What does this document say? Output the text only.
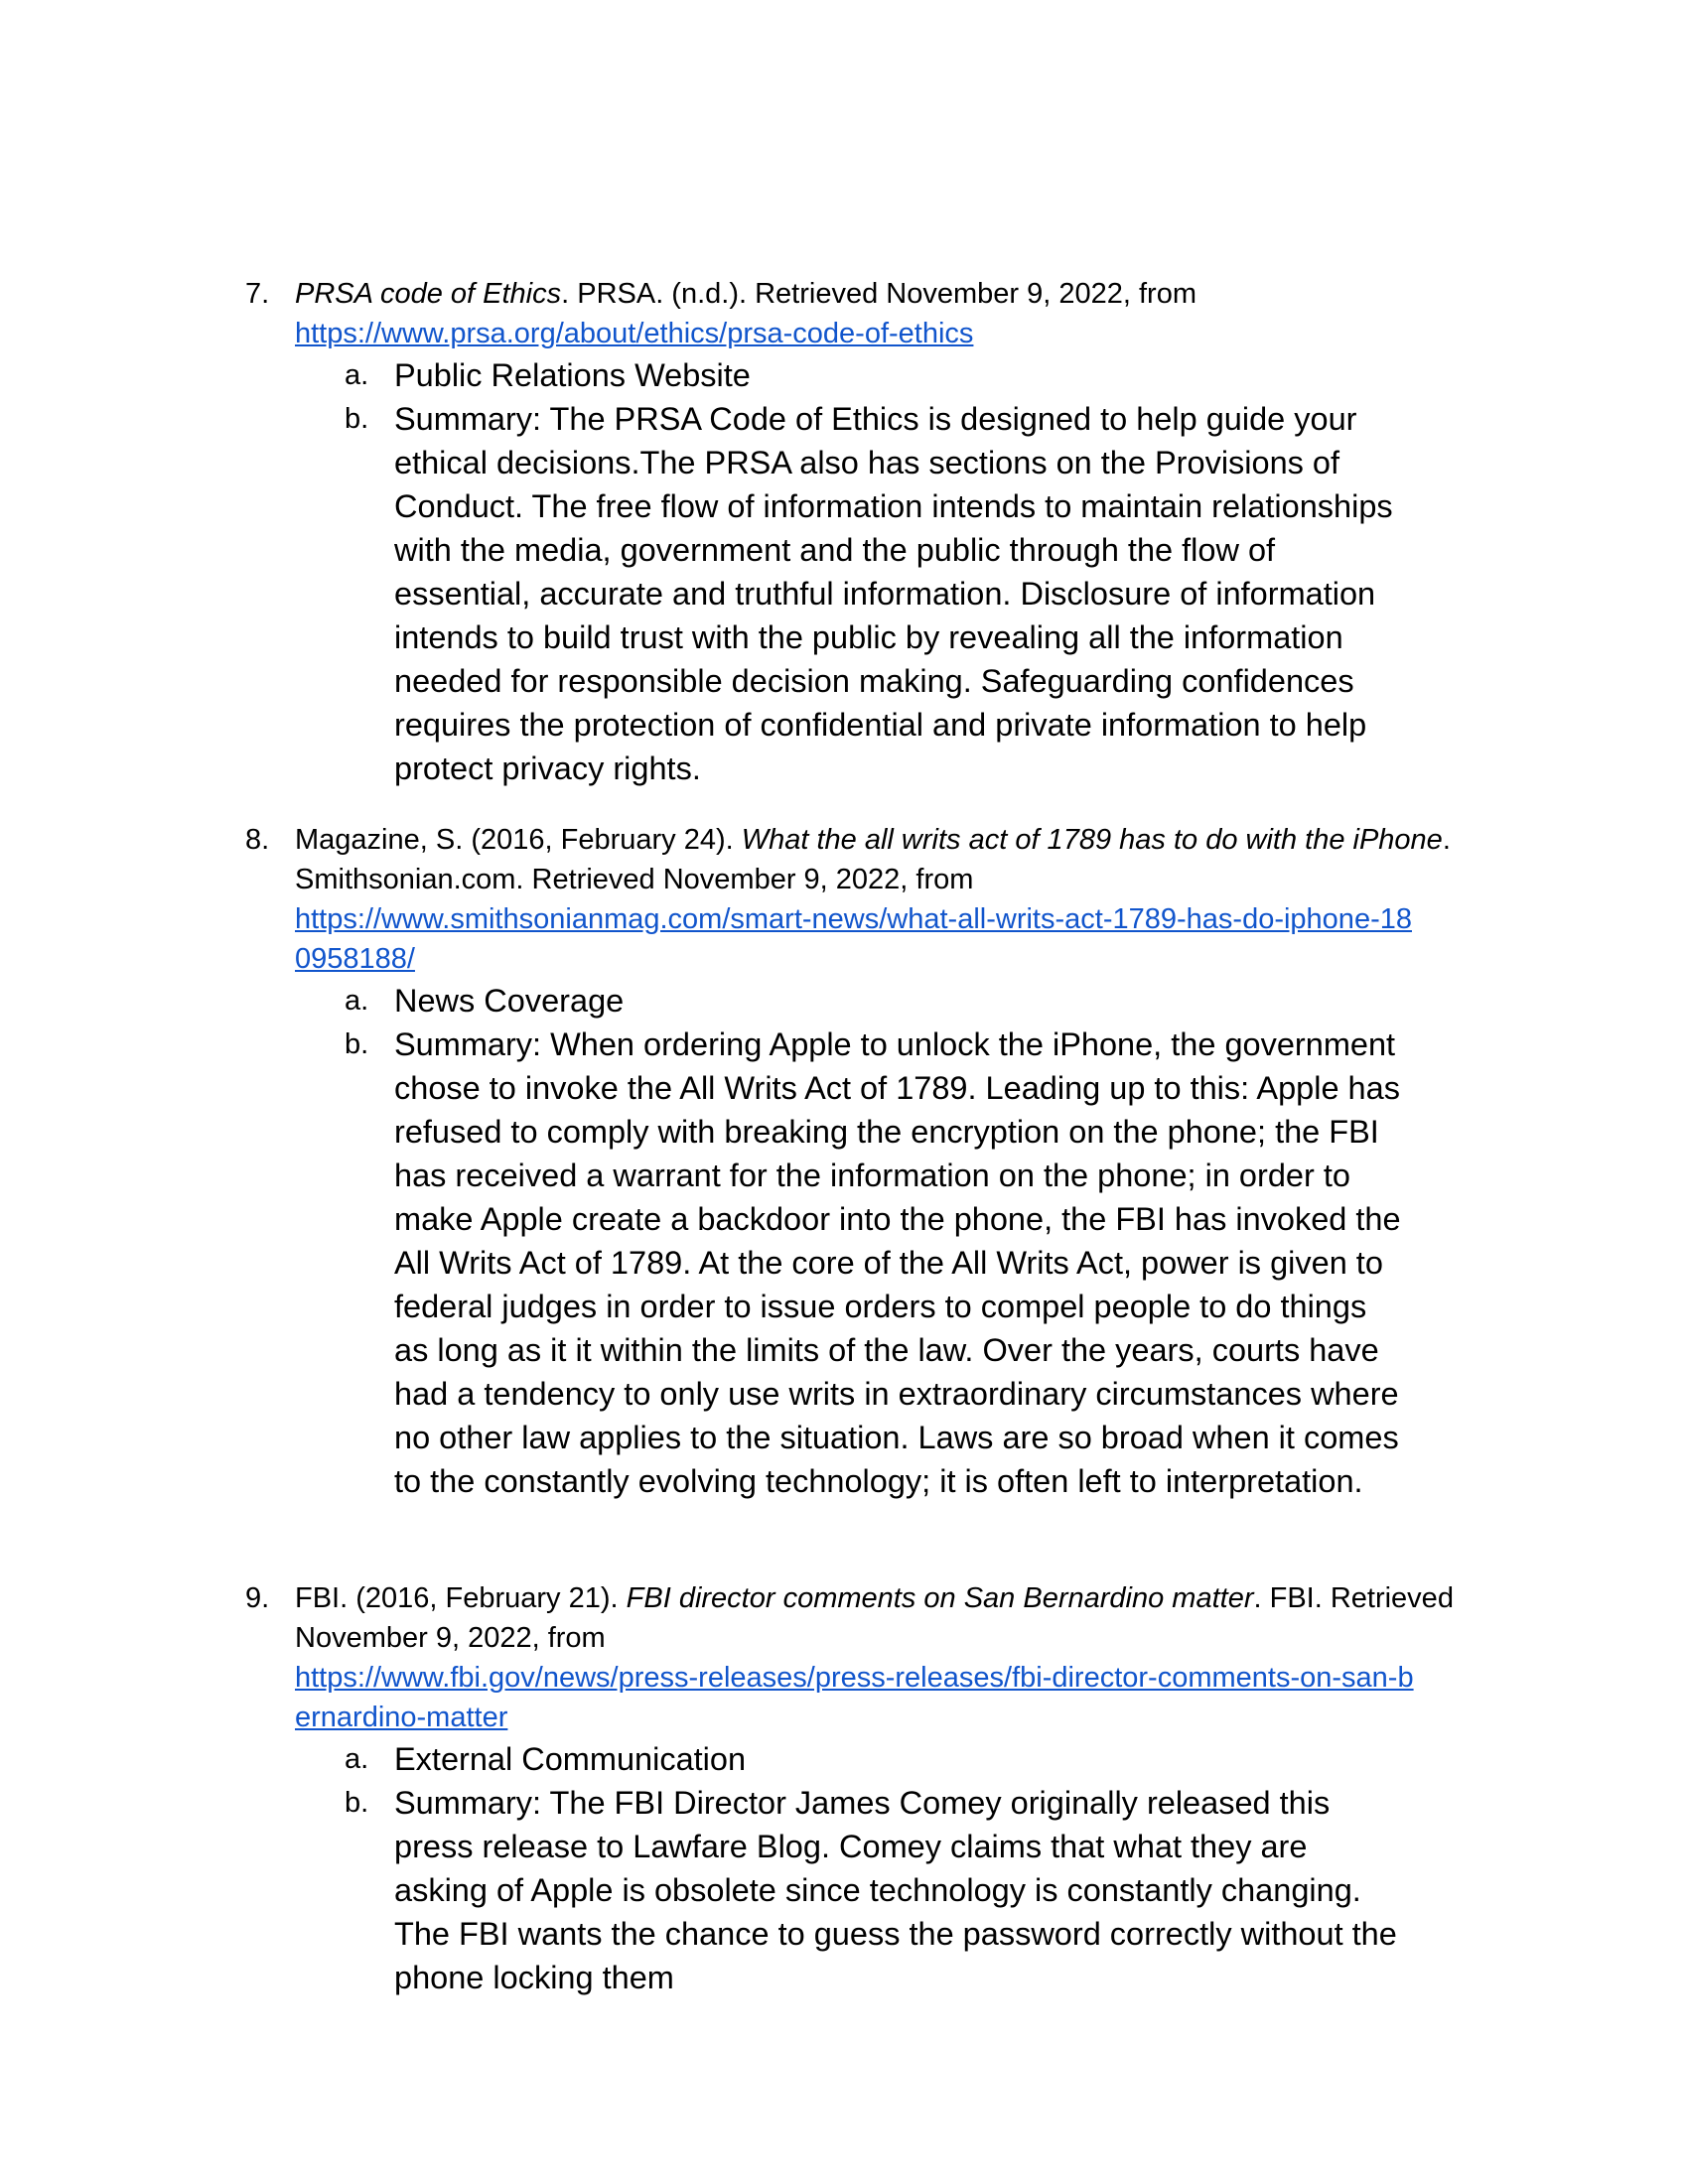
7. PRSA code of Ethics. PRSA. (n.d.). Retrieved November 9, 2022, from
https://www.prsa.org/about/ethics/prsa-code-of-ethics
a. Public Relations Website
b. Summary: The PRSA Code of Ethics is designed to help guide your ethical decisions.The PRSA also has sections on the Provisions of Conduct. The free flow of information intends to maintain relationships with the media, government and the public through the flow of essential, accurate and truthful information. Disclosure of information intends to build trust with the public by revealing all the information needed for responsible decision making. Safeguarding confidences requires the protection of confidential and private information to help protect privacy rights.
8. Magazine, S. (2016, February 24). What the all writs act of 1789 has to do with the iPhone. Smithsonian.com. Retrieved November 9, 2022, from
https://www.smithsonianmag.com/smart-news/what-all-writs-act-1789-has-do-iphone-18
0958188/
a. News Coverage
b. Summary: When ordering Apple to unlock the iPhone, the government chose to invoke the All Writs Act of 1789. Leading up to this: Apple has refused to comply with breaking the encryption on the phone; the FBI has received a warrant for the information on the phone; in order to make Apple create a backdoor into the phone, the FBI has invoked the All Writs Act of 1789. At the core of the All Writs Act, power is given to federal judges in order to issue orders to compel people to do things as long as it it within the limits of the law. Over the years, courts have had a tendency to only use writs in extraordinary circumstances where no other law applies to the situation. Laws are so broad when it comes to the constantly evolving technology; it is often left to interpretation.
9. FBI. (2016, February 21). FBI director comments on San Bernardino matter. FBI. Retrieved November 9, 2022, from
https://www.fbi.gov/news/press-releases/press-releases/fbi-director-comments-on-san-b
ernardino-matter
a. External Communication
b. Summary: The FBI Director James Comey originally released this press release to Lawfare Blog. Comey claims that what they are asking of Apple is obsolete since technology is constantly changing. The FBI wants the chance to guess the password correctly without the phone locking them
